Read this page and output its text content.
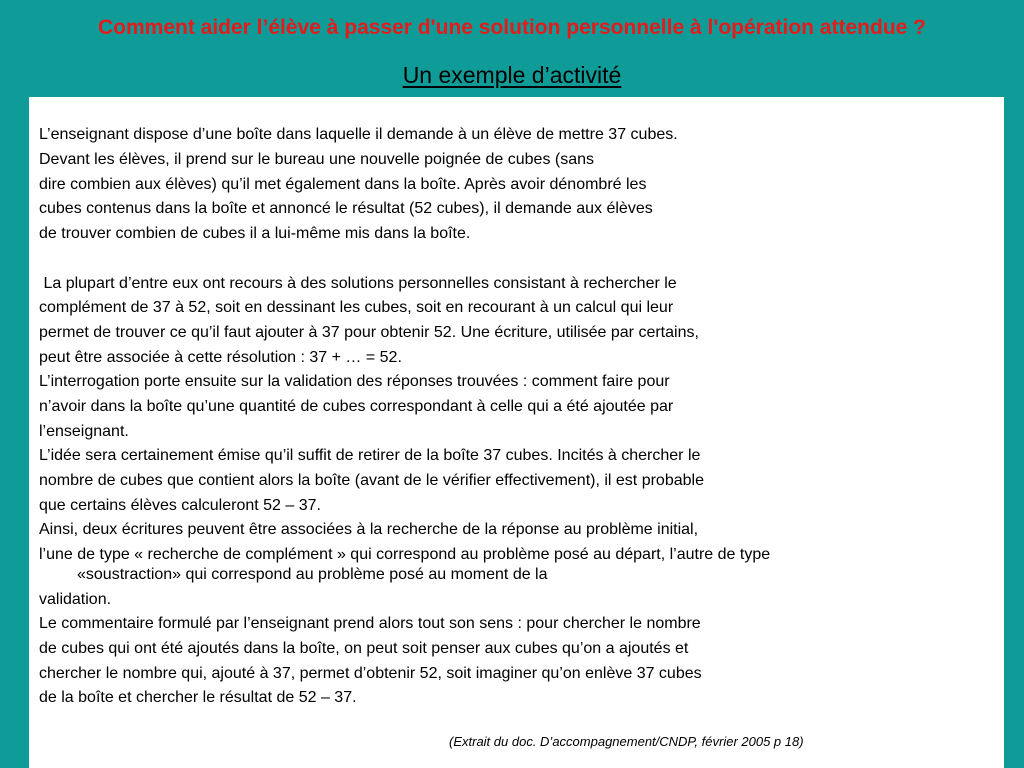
Comment aider l’élève à passer d'une solution personnelle à l'opération attendue ?
Un exemple d’activité
L’enseignant dispose d’une boîte dans laquelle il demande à un élève de mettre 37 cubes.
Devant les élèves, il prend sur le bureau une nouvelle poignée de cubes (sans
dire combien aux élèves) qu’il met également dans la boîte. Après avoir dénombré les
cubes contenus dans la boîte et annoncé le résultat (52 cubes), il demande aux élèves
de trouver combien de cubes il a lui-même mis dans la boîte.
La plupart d’entre eux ont recours à des solutions personnelles consistant à rechercher le
complément de 37 à 52, soit en dessinant les cubes, soit en recourant à un calcul qui leur
permet de trouver ce qu’il faut ajouter à 37 pour obtenir 52. Une écriture, utilisée par certains,
peut être associée à cette résolution : 37 + … = 52.
L’interrogation porte ensuite sur la validation des réponses trouvées : comment faire pour
n’avoir dans la boîte qu’une quantité de cubes correspondant à celle qui a été ajoutée par
l’enseignant.
L’idée sera certainement émise qu’il suffit de retirer de la boîte 37 cubes. Incités à chercher le
nombre de cubes que contient alors la boîte (avant de le vérifier effectivement), il est probable
que certains élèves calculeront 52 – 37.
Ainsi, deux écritures peuvent être associées à la recherche de la réponse au problème initial,
l’une de type « recherche de complément » qui correspond au problème posé au départ, l’autre de type
«soustraction» qui correspond au problème posé au moment de la
validation.
Le commentaire formulé par l’enseignant prend alors tout son sens : pour chercher le nombre
de cubes qui ont été ajoutés dans la boîte, on peut soit penser aux cubes qu’on a ajoutés et
chercher le nombre qui, ajouté à 37, permet d’obtenir 52, soit imaginer qu’on enlève 37 cubes
de la boîte et chercher le résultat de 52 – 37.
(Extrait du doc. D’accompagnement/CNDP, février 2005 p 18)
